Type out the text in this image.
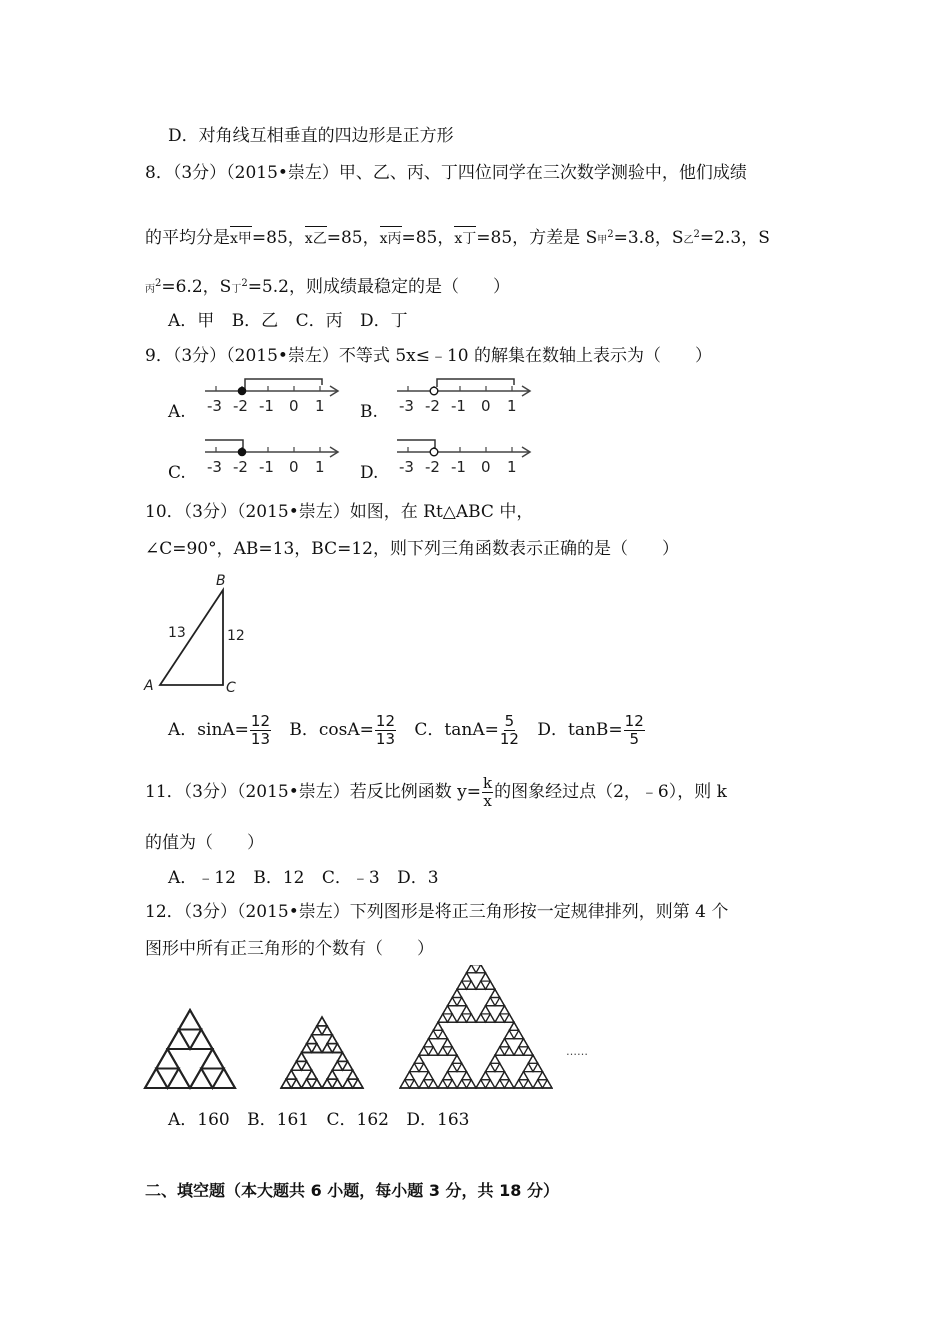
D．对角线互相垂直的四边形是正方形
8．（3分）（2015•崇左）甲、乙、丙、丁四位同学在三次数学测验中，他们成绩
的平均分是x甲=85，x乙=85，x丙=85，x丁=85，方差是 S甲$^2$=3.8，S乙$^2$=2.3，S
丙$^2$=6.2，S丁$^2$=5.2，则成绩最稳定的是（　　）
A．甲 B．乙 C．丙 D．丁
9．（3分）（2015•崇左）不等式 5x≤﹣10 的解集在数轴上表示为（　　）
A.	B.
C.	D.
-3 -2 -1 0 1	-3 -2 -1 0 1
-3 -2 -1 0 1	-3 -2 -1 0 1
10．（3分）（2015•崇左）如图，在 Rt△ABC 中，
∠C=90°，AB=13，BC=12，则下列三角函数表示正确的是（　　）
B
A	C
13	12
A．$\sin A= \frac{12}{13}$ B．$\cos A= \frac{12}{13}$ C．$\tan A= \frac{5}{12}$ D．$\tan B= \frac{12}{5}$
11．（3分）（2015•崇左）若反比例函数 $y= \frac{k}{x}$ 的图象经过点（2，﹣6），则 k
的值为（　　）
A．﹣12 B．12 C．﹣3 D．3
12．（3分）（2015•崇左）下列图形是将正三角形按一定规律排列，则第 4 个
图形中所有正三角形的个数有（　　）
……
A．160 B．161 C．162 D．163
二、填空题（本大题共 6 小题，每小题 3 分，共 18 分）
